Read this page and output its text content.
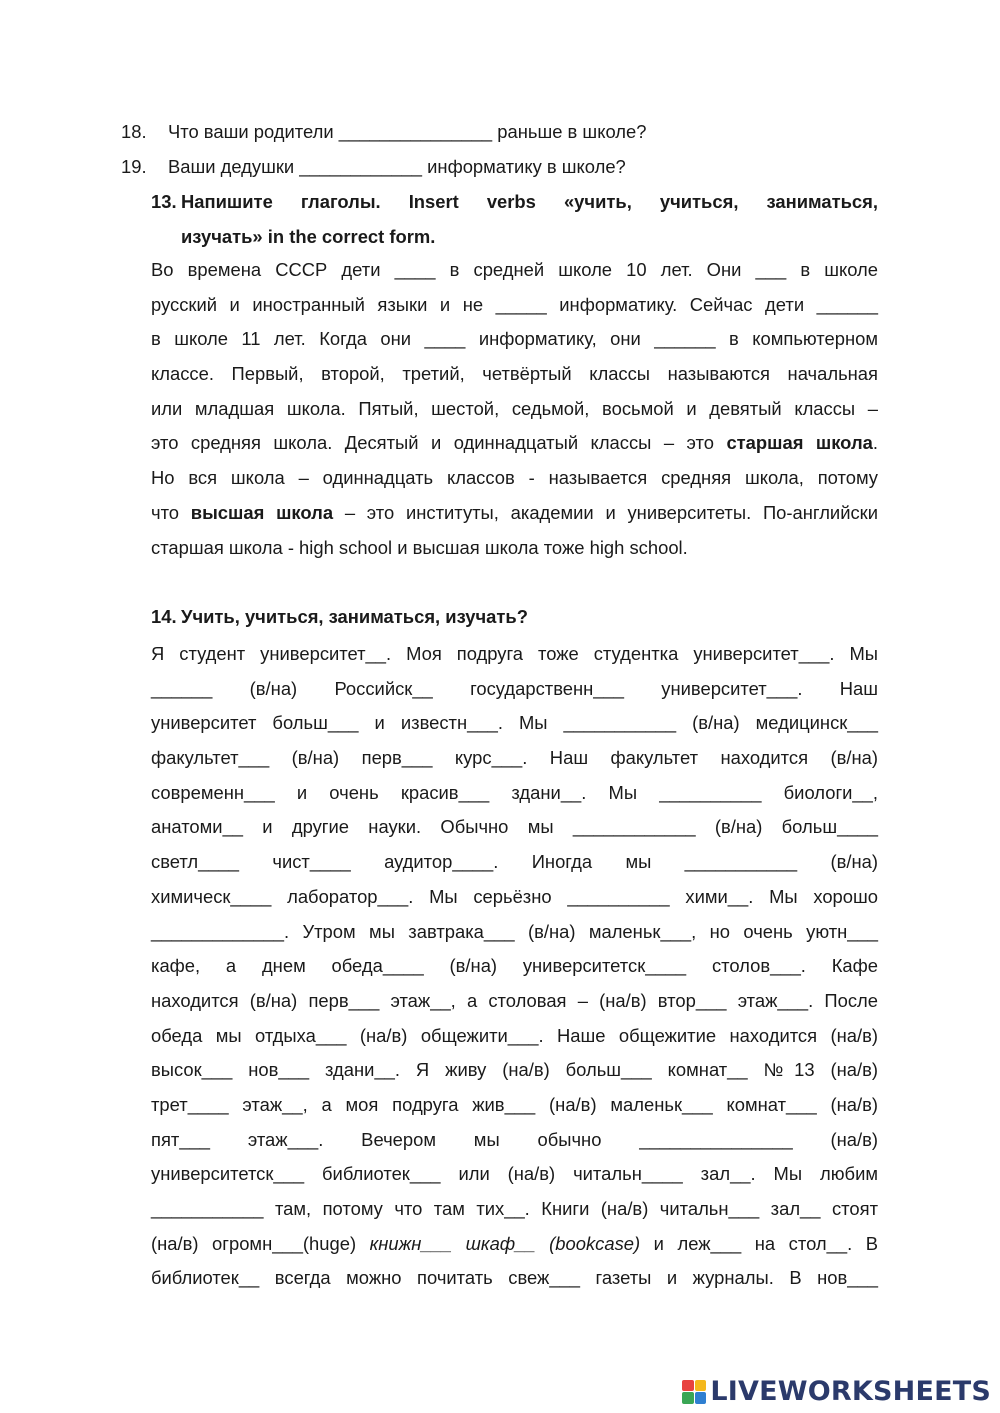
18. Что ваши родители _______________ раньше в школе?
19. Ваши дедушки ____________ информатику в школе?
13. Напишите глаголы. Insert verbs «учить, учиться, заниматься,
изучать» in the correct form.
Во времена СССР дети ____ в средней школе 10 лет. Они ___ в школе
русский и иностранный языки и не _____ информатику. Сейчас дети ______
в школе 11 лет. Когда они ____ информатику, они ______ в компьютерном
классе. Первый, второй, третий, четвёртый классы называются начальная
или младшая школа. Пятый, шестой, седьмой, восьмой и девятый классы –
это средняя школа. Десятый и одиннадцатый классы – это старшая школа.
Но вся школа – одиннадцать классов - называется средняя школа, потому
что высшая школа – это институты, академии и университеты. По-английски
старшая школа - high school и высшая школа тоже high school.
14. Учить, учиться, заниматься, изучать?
Я студент университет__. Моя подруга тоже студентка университет___. Мы
______ (в/на) Российск__ государственн___ университет___. Наш
университет больш___ и известн___. Мы ___________ (в/на) медицинск___
факультет___ (в/на) перв___ курс___. Наш факультет находится (в/на)
современн___ и очень красив___ здани__. Мы __________ биологи__,
анатоми__ и другие науки. Обычно мы ____________ (в/на) больш____
светл____ чист____ аудитор____. Иногда мы ___________ (в/на)
химическ____ лаборатор___. Мы серьёзно __________ хими__. Мы хорошо
_____________. Утром мы завтрака___ (в/на) маленьк___, но очень уютн___
кафе, а днем обеда____ (в/на) университетск____ столов___. Кафе
находится (в/на) перв___ этаж__, а столовая – (на/в) втор___ этаж___. После
обеда мы отдыха___ (на/в) общежити___. Наше общежитие находится (на/в)
высок___ нов___ здани__. Я живу (на/в) больш___ комнат__ №13 (на/в)
трет____ этаж__, а моя подруга жив___ (на/в) маленьк___ комнат___ (на/в)
пят___ этаж___. Вечером мы обычно _______________ (на/в)
университетск___ библиотек___ или (на/в) читальн____ зал__. Мы любим
___________ там, потому что там тих__. Книги (на/в) читальн___ зал__ стоят
(на/в) огромн___(huge) книжн___ шкаф__ (bookcase) и леж___ на стол__. В
библиотек__ всегда можно почитать свеж___ газеты и журналы. В нов___
LIVEWORKSHEETS
